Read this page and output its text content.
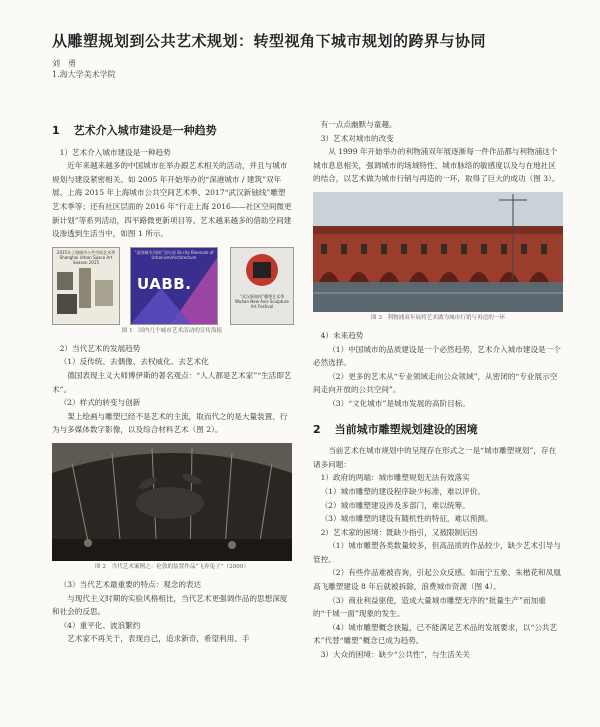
从雕塑规划到公共艺术规划：转型视角下城市规划的跨界与协同
刘　勇
1.海大学美术学院
1 艺术介入城市建设是一种趋势

1）艺术介入城市建设是一种趋势

近年来越来越多的中国城市在举办跟艺术相关的活动，并且与城市规划与建设紧密相关。如 2005 年开始举办的“深港城市 / 建筑”双年展、上海 2015 年上海城市公共空间艺术季、2017“武汉新铀线”雕塑艺术季等；还有社区层面的 2016 年“行走上海 2016——社区空间微更新计划”等系列活动，四平路微更新项目等。艺术越来越多的借助空间建设渗透到生活当中，如图 1 所示。

2015年上海城市公共空间艺术季 Shanghai Urban Space Art Season 2015
“深圳城市/建筑”双年展 Bi-city Biennale of Urbanism\Architecture
UABB.
“武汉新铀线”雕塑艺术季 Wuhan New Axis Sculpture Art Festival
图 1　国内几个城市艺术活动的宣传海报

2）当代艺术的发展趋势

（1）反传统、去偶像、去权威化、去艺术化

德国表现主义大师博伊斯的著名观点：“人人都是艺术家”“生活即艺术”。

（2）样式的转变与创新

架上绘画与雕塑已经不是艺术的主流，取而代之的是大量装置、行为与多媒体数字影像，以及综合材料艺术（图 2）。

图 2　当代艺术案例之：伦敦的装置作品“飞奔兔子”（2009）

（3）当代艺术最重要的特点：观念的表达

与现代主义时期的实验风格相比，当代艺术更强调作品的思想深度和社会的反思。

（4）重平化、波浪繁约

艺术家不再关于，表现自己，追求新奇，希望利用、手

有一点点幽默与童趣。

3）艺术对城市的改变

从 1999 年开始举办的利物浦双年展逐渐每一件作品都与利物浦这个城市息息相关，强调城市的场域特性、城市脉络的敏感度以及与在地社区的结合，以艺术做为城市行销与再造的一环，取得了巨大的成功（图 3）。

图 3　利物浦双年展将艺术做为城市行销与再造的一环

4）未来趋势

（1）中国城市的品质建设是一个必然趋势，艺术介入城市建设是一个必然选择。

（2）更多的艺术从“专业领域走向公众领域”，从密闭的“专业展示空间走向开放的公共空间”。

（3）“文化城市”是城市发展的高阶目标。

2 当前城市雕塑规划建设的困境

当前艺术在城市规划中的呈现存在形式之一是“城市雕塑规划”，存在诸多问题：

1）政府的两端：城市雕塑规划无法有效落实

（1）城市雕塑的建设程序缺少标准，难以评价。

（2）城市雕塑建设涉及多部门，难以统筹。

（3）城市雕塑的建设有随机性的特征，难以预测。

2）艺术家的困境：既缺少指引，又被限制后因

（1）城市雕塑各类数量较多，但高品质的作品较少，缺少艺术引导与管控。

（2）有些作品难被咨询，引起公众反感。如南宁五象、朱楷花和凤凰高飞雕塑建设 8 年后就被拆除，浪费城市资源（图 4）。

（3）商业利益驱使，造成大量城市雕塑无序的“批量生产”而加重的“千城一面”现象的发生。

（4）城市雕塑概念狭隘，已不能满足艺术品的发展要求，以“公共艺术”代替“雕塑”概念已成为趋势。

3）大众的困境：缺少“公共性”，与生活关关
